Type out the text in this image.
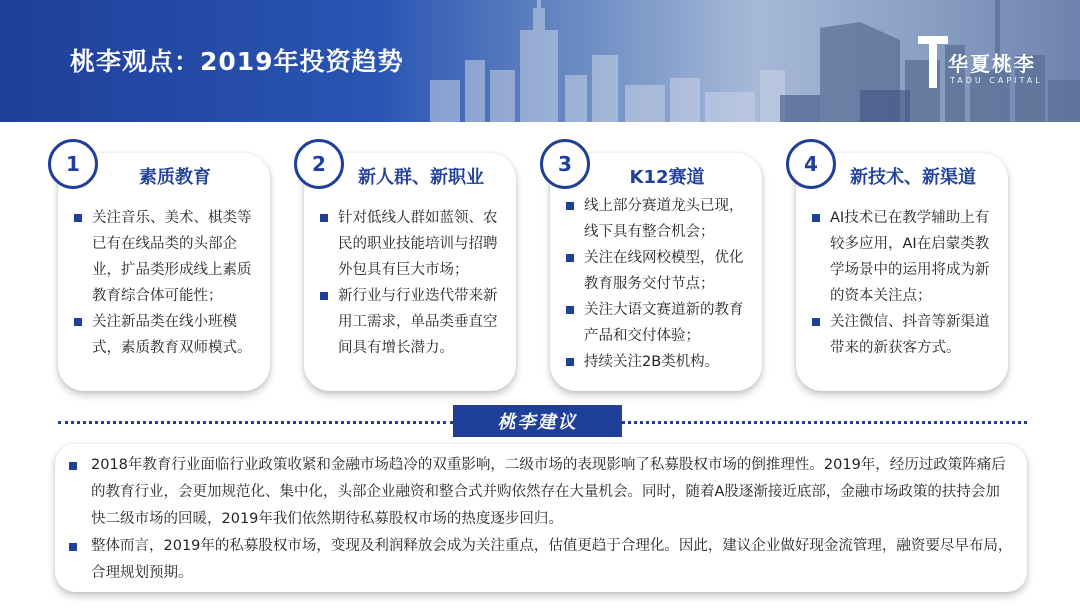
桃李观点：2019年投资趋势	华夏桃李
TADU CAPITAL
1
素质教育
关注音乐、美术、棋类等已有在线品类的头部企业，扩品类形成线上素质教育综合体可能性；
关注新品类在线小班模式，素质教育双师模式。
2
新人群、新职业
针对低线人群如蓝领、农民的职业技能培训与招聘外包具有巨大市场；
新行业与行业迭代带来新用工需求，单品类垂直空间具有增长潜力。
3
K12赛道
线上部分赛道龙头已现，线下具有整合机会；
关注在线网校模型，优化教育服务交付节点；
关注大语文赛道新的教育产品和交付体验；
持续关注2B类机构。
4
新技术、新渠道
AI技术已在教学辅助上有较多应用，AI在启蒙类教学场景中的运用将成为新的资本关注点；
关注微信、抖音等新渠道带来的新获客方式。
桃李建议
2018年教育行业面临行业政策收紧和金融市场趋冷的双重影响，二级市场的表现影响了私募股权市场的倒推理性。2019年，经历过政策阵痛后的教育行业，会更加规范化、集中化，头部企业融资和整合式并购依然存在大量机会。同时，随着A股逐渐接近底部，金融市场政策的扶持会加快二级市场的回暖，2019年我们依然期待私募股权市场的热度逐步回归。
整体而言，2019年的私募股权市场，变现及利润释放会成为关注重点，估值更趋于合理化。因此，建议企业做好现金流管理，融资要尽早布局，合理规划预期。
